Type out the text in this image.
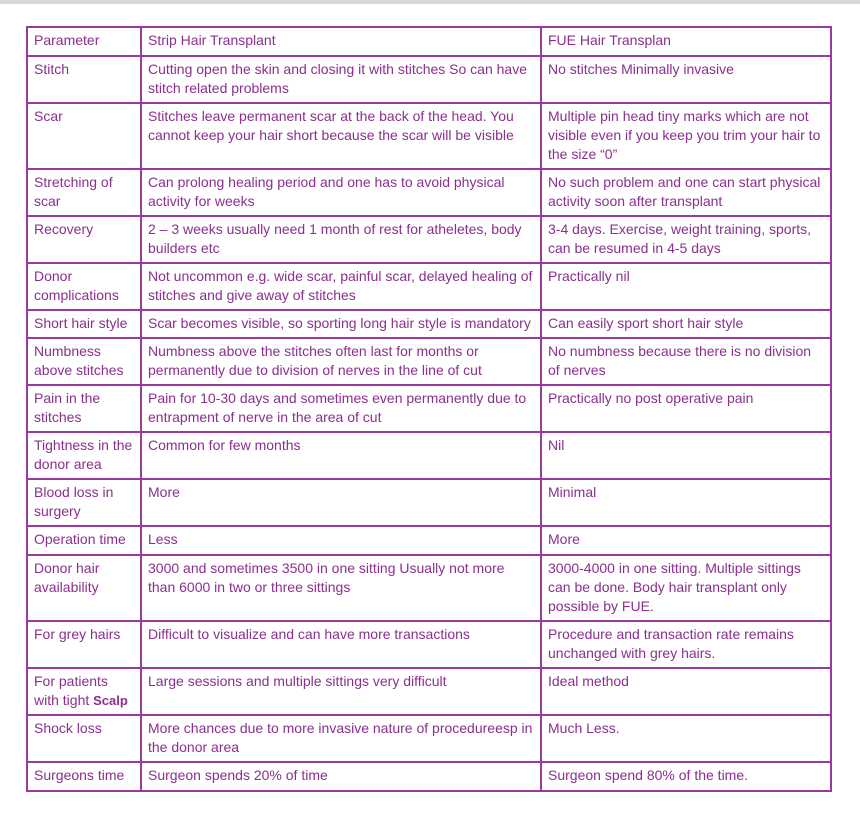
Parameter	Strip Hair Transplant	FUE Hair Transplan
Stitch	Cutting open the skin and closing it with stitches So can have stitch related problems	No stitches Minimally invasive
Scar	Stitches leave permanent scar at the back of the head. You cannot keep your hair short because the scar will be visible	Multiple pin head tiny marks which are not visible even if you keep you trim your hair to the size “0”
Stretching of scar	Can prolong healing period and one has to avoid physical activity for weeks	No such problem and one can start physical activity soon after transplant
Recovery	2 – 3 weeks usually need 1 month of rest for atheletes, body builders etc	3-4 days. Exercise, weight training, sports, can be resumed in 4-5 days
Donor complications	Not uncommon e.g. wide scar, painful scar, delayed healing of stitches and give away of stitches	Practically nil
Short hair style	Scar becomes visible, so sporting long hair style is mandatory	Can easily sport short hair style
Numbness above stitches	Numbness above the stitches often last for months or permanently due to division of nerves in the line of cut	No numbness because there is no division of nerves
Pain in the stitches	Pain for 10-30 days and sometimes even permanently due to entrapment of nerve in the area of cut	Practically no post operative pain
Tightness in the donor area	Common for few months	Nil
Blood loss in surgery	More	Minimal
Operation time	Less	More
Donor hair availability	3000 and sometimes 3500 in one sitting Usually not more than 6000 in two or three sittings	3000-4000 in one sitting. Multiple sittings can be done. Body hair transplant only possible by FUE.
For grey hairs	Difficult to visualize and can have more transactions	Procedure and transaction rate remains unchanged with grey hairs.
For patients with tight Scalp	Large sessions and multiple sittings very difficult	Ideal method
Shock loss	More chances due to more invasive nature of procedureesp in the donor area	Much Less.
Surgeons time	Surgeon spends 20% of time	Surgeon spend 80% of the time.
